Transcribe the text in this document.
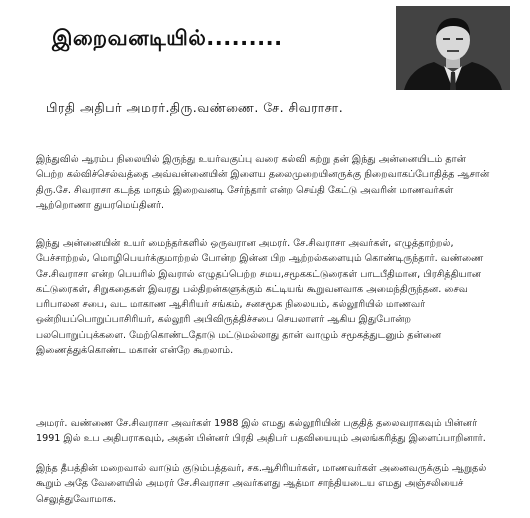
இறைவனடியில்.........
பிரதி அதிபர் அமரர்.திரு.வண்ணை. சே. சிவராசா.

இந்துவில் ஆரம்ப நிலையில் இருந்து உயர்வகுப்பு வரை கல்வி கற்று தன் இந்து அன்னையிடம் தான் பெற்ற கல்விச்செல்வத்தை அவ்வன்னையின் இளைய தலைமுறையினருக்கு நிறைவாகப்போதித்த ஆசான் திரு.சே. சிவராசா கடந்த மாதம் இறைவனடி சேர்ந்தார் என்ற செய்தி கேட்டு அவரின் மாணவர்கள் ஆற்றொணா துயரமெய்தினர்.

இந்து அன்னையின் உயர் மைந்தர்களில் ஒருவரான அமரர். சே.சிவராசா அவர்கள், எழுத்தாற்றல், பேச்சாற்றல், மொழிபெயர்க்குமாற்றல் போன்ற இன்ன பிற ஆற்றல்களையும் கொண்டிருந்தார். வண்ணை சே.சிவராசா என்ற பெயரில் இவரால் எழுதப்பெற்ற சமய,சமூககட்டுரைகள் பாடபீதிமான, பிரசித்தியான கட்டுரைகள், சிறுகதைகள் இவரது பல்திறன்களுக்கும் கட்டியங் கூறுவனவாக அமைந்திருந்தன. சைவ பரிபாலன சபை, வட மாகாண ஆசிரியர் சங்கம், சனசமூக நிலையம், கல்லூரியில் மாணவர் ஒன்றியப்பொறுப்பாசிரியர், கல்லூரி அபிவிருத்திச்சபை செயலாளர் ஆகிய இதுபோன்ற பலபொறுப்புக்களை. மேற்கொண்டதோடு மட்டுமல்லாது தான் வாழும் சமூகத்துடனும் தன்னை இணைத்துக்கொண்ட மகான் என்றே கூறலாம்.

அமரர். வண்ணை சே.சிவராசா அவர்கள் 1988 இல் எமது கல்லூரியின் பகுதித் தலைவராகவும் பின்னர் 1991 இல் உப அதிபராகவும், அதன் பின்னர் பிரதி அதிபர் பதவியையும் அலங்கரித்து இளைப்பாறினார்.

இந்த தீபத்தின் மறைவால் வாடும் குடும்பத்தவர், சக.ஆசிரியர்கள், மாணவர்கள் அனைவருக்கும் ஆறுதல் கூறும் அதே வேளையில் அமரர் சே.சிவராசா அவர்களது ஆத்மா சாந்தியடைய எமது அஞ்சலியைச் செலுத்துவோமாக.
